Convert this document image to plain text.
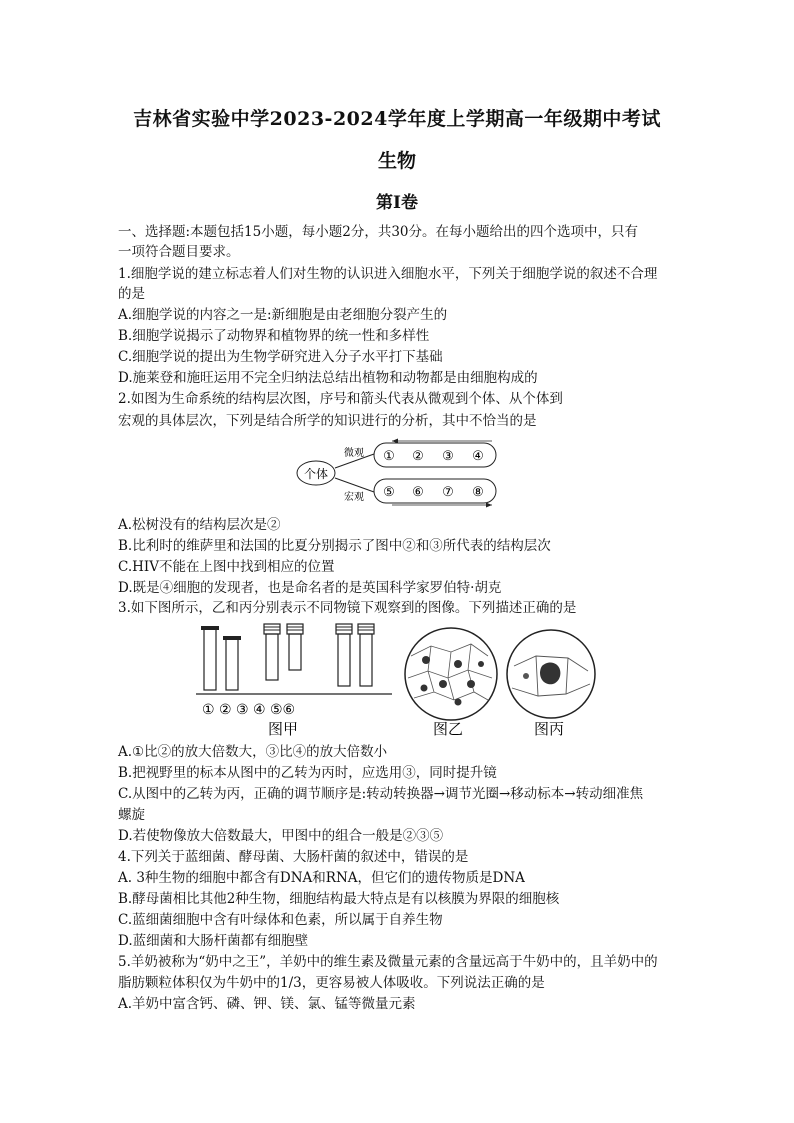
吉林省实验中学2023-2024学年度上学期高一年级期中考试
生物
第Ⅰ卷
一、选择题:本题包括15小题，每小题2分，共30分。在每小题给出的四个选项中，只有
一项符合题目要求。
1.细胞学说的建立标志着人们对生物的认识进入细胞水平，下列关于细胞学说的叙述不合理
的是
A.细胞学说的内容之一是:新细胞是由老细胞分裂产生的
B.细胞学说揭示了动物界和植物界的统一性和多样性
C.细胞学说的提出为生物学研究进入分子水平打下基础
D.施莱登和施旺运用不完全归纳法总结出植物和动物都是由细胞构成的
2.如图为生命系统的结构层次图，序号和箭头代表从微观到个体、从个体到
宏观的具体层次，下列是结合所学的知识进行的分析，其中不恰当的是
个体
微观
宏观
① ② ③ ④
⑤ ⑥ ⑦ ⑧
A.松树没有的结构层次是②
B.比利时的维萨里和法国的比夏分别揭示了图中②和③所代表的结构层次
C.HIV不能在上图中找到相应的位置
D.既是④细胞的发现者，也是命名者的是英国科学家罗伯特·胡克
3.如下图所示，乙和丙分别表示不同物镜下观察到的图像。下列描述正确的是
① ② ③ ④ ⑤⑥
图甲	图乙	图丙
A.①比②的放大倍数大，③比④的放大倍数小
B.把视野里的标本从图中的乙转为丙时，应选用③，同时提升镜
C.从图中的乙转为丙，正确的调节顺序是:转动转换器→调节光圈→移动标本→转动细准焦
螺旋
D.若使物像放大倍数最大，甲图中的组合一般是②③⑤
4.下列关于蓝细菌、酵母菌、大肠杆菌的叙述中，错误的是
A. 3种生物的细胞中都含有DNA和RNA，但它们的遗传物质是DNA
B.酵母菌相比其他2种生物，细胞结构最大特点是有以核膜为界限的细胞核
C.蓝细菌细胞中含有叶绿体和色素，所以属于自养生物
D.蓝细菌和大肠杆菌都有细胞壁
5.羊奶被称为“奶中之王”，羊奶中的维生素及微量元素的含量远高于牛奶中的，且羊奶中的
脂肪颗粒体积仅为牛奶中的1/3，更容易被人体吸收。下列说法正确的是
A.羊奶中富含钙、磷、钾、镁、氯、锰等微量元素
